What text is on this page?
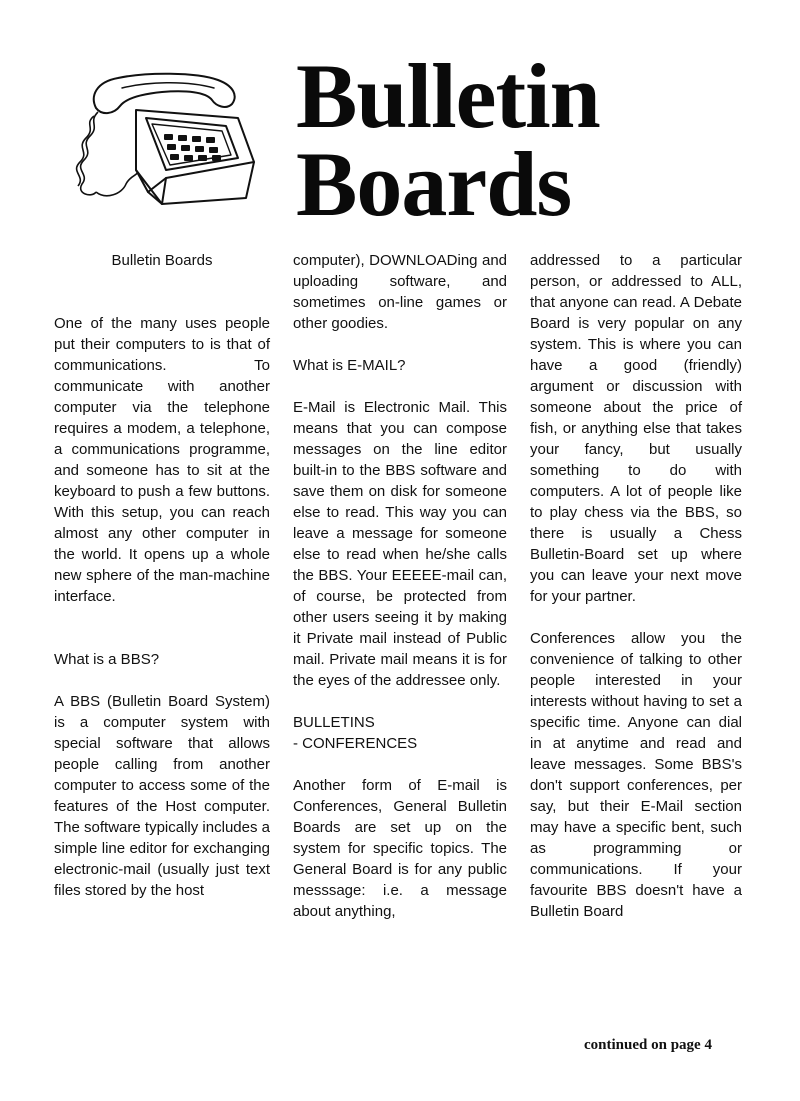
Bulletin
Boards

Bulletin Boards

One of the many uses people put their computers to is that of communications. To communicate with another computer via the telephone requires a modem, a telephone, a communications programme, and someone has to sit at the keyboard to push a few buttons. With this setup, you can reach almost any other computer in the world. It opens up a whole new sphere of the man-machine interface.

What is a BBS?

A BBS (Bulletin Board System) is a computer system with special software that allows people calling from another computer to access some of the features of the Host computer. The software typically includes a simple line editor for exchanging electronic-mail (usually just text files stored by the host

computer), DOWNLOADing and uploading software, and sometimes on-line games or other goodies.

What is E-MAIL?

E-Mail is Electronic Mail. This means that you can compose messages on the line editor built-in to the BBS software and save them on disk for someone else to read. This way you can leave a message for someone else to read when he/she calls the BBS. Your EEEEE-mail can, of course, be protected from other users seeing it by making it Private mail instead of Public mail. Private mail means it is for the eyes of the addressee only.

BULLETINS
- CONFERENCES

Another form of E-mail is Conferences, General Bulletin Boards are set up on the system for specific topics. The General Board is for any public messsage: i.e. a message about anything,

addressed to a particular person, or addressed to ALL, that anyone can read. A Debate Board is very popular on any system. This is where you can have a good (friendly) argument or discussion with someone about the price of fish, or anything else that takes your fancy, but usually something to do with computers. A lot of people like to play chess via the BBS, so there is usually a Chess Bulletin-Board set up where you can leave your next move for your partner.

Conferences allow you the convenience of talking to other people interested in your interests without having to set a specific time. Anyone can dial in at anytime and read and leave messages. Some BBS's don't support conferences, per say, but their E-Mail section may have a specific bent, such as programming or communications. If your favourite BBS doesn't have a Bulletin Board

continued on page 4
